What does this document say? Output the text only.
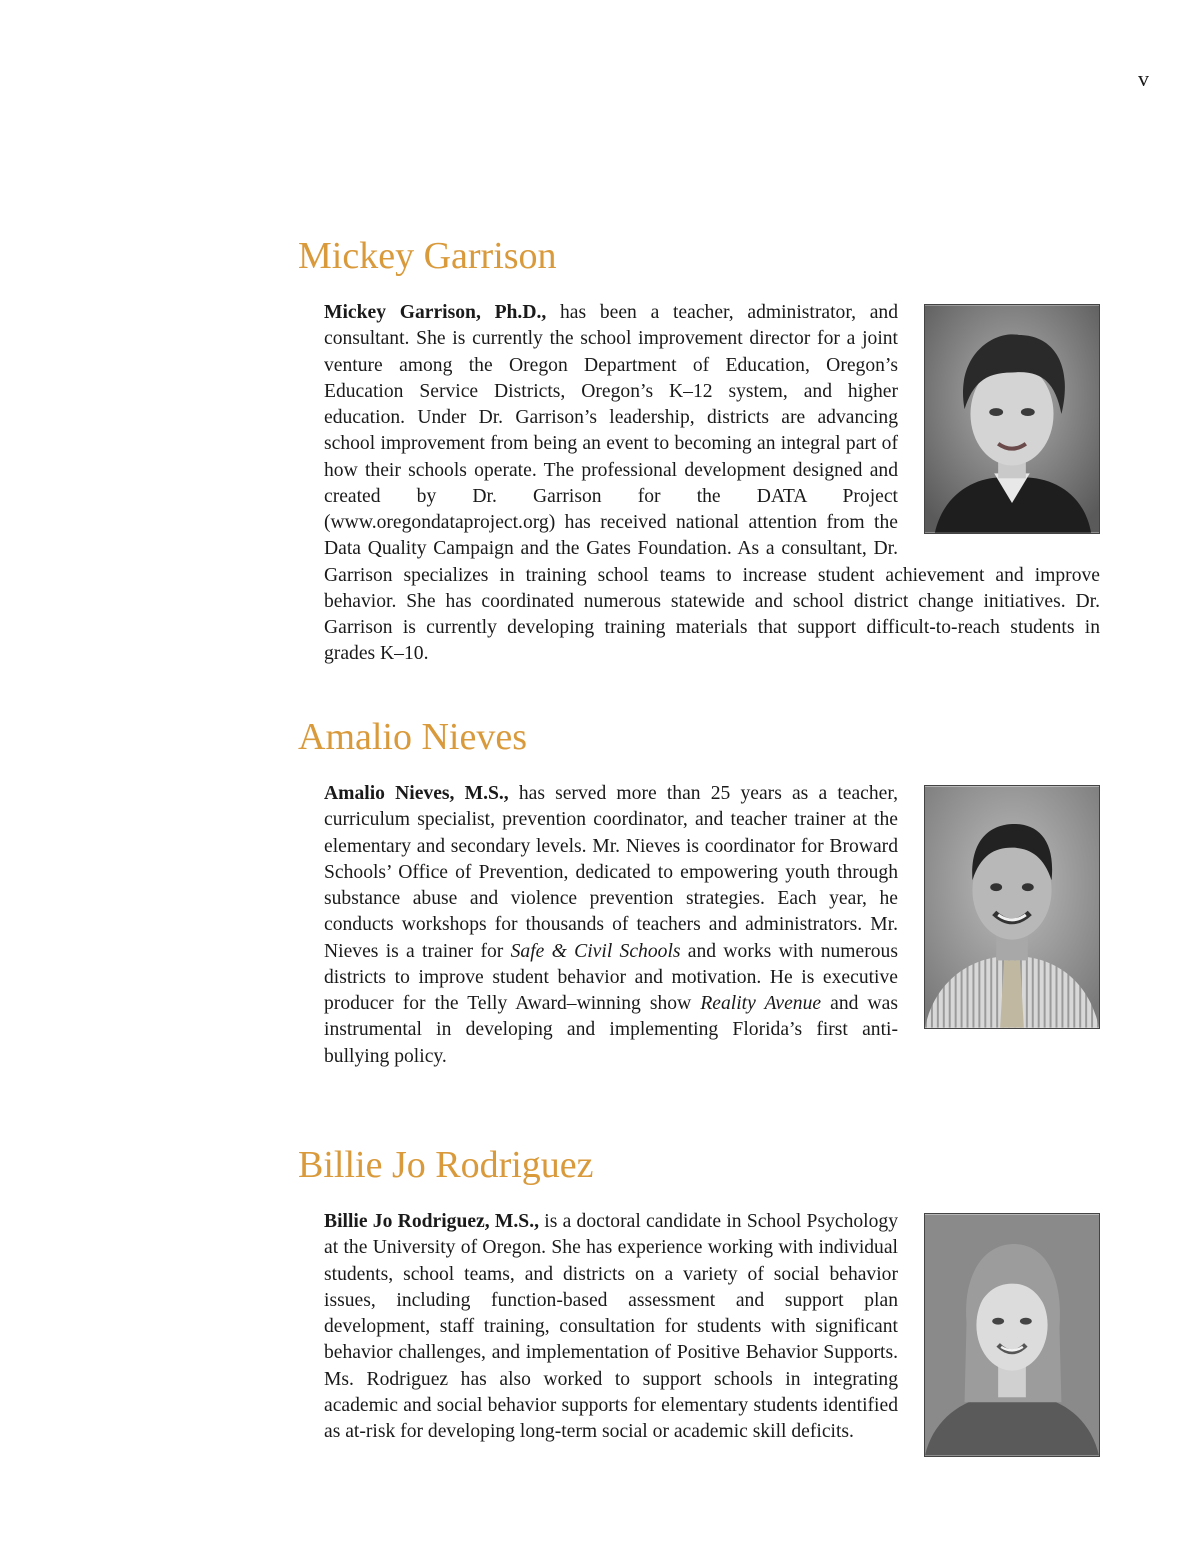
v
Mickey Garrison
Mickey Garrison, Ph.D., has been a teacher, administrator, and consultant. She is currently the school improvement director for a joint venture among the Oregon Department of Education, Oregon’s Education Service Districts, Oregon’s K–12 system, and higher education. Under Dr. Garrison’s leadership, districts are advancing school improvement from being an event to becoming an integral part of how their schools operate. The professional development designed and created by Dr. Garrison for the DATA Project (www.oregondataproject.org) has received national attention from the Data Quality Campaign and the Gates Foundation. As a consultant, Dr. Garrison specializes in training school teams to increase student achievement and improve behavior. She has coordinated numerous statewide and school district change initiatives. Dr. Garrison is currently developing training materials that support difficult-to-reach students in grades K–10.
Amalio Nieves
Amalio Nieves, M.S., has served more than 25 years as a teacher, curriculum specialist, prevention coordinator, and teacher trainer at the elementary and secondary levels. Mr. Nieves is coordinator for Broward Schools’ Office of Prevention, dedicated to empowering youth through substance abuse and violence prevention strategies. Each year, he conducts workshops for thousands of teachers and administrators. Mr. Nieves is a trainer for Safe & Civil Schools and works with numerous districts to improve student behavior and motivation. He is executive producer for the Telly Award–winning show Reality Avenue and was instrumental in developing and implementing Florida’s first anti-bullying policy.
Billie Jo Rodriguez
Billie Jo Rodriguez, M.S., is a doctoral candidate in School Psychology at the University of Oregon. She has experience working with individual students, school teams, and districts on a variety of social behavior issues, including function-based assessment and support plan development, staff training, consultation for students with significant behavior challenges, and implementation of Positive Behavior Supports. Ms. Rodriguez has also worked to support schools in integrating academic and social behavior supports for elementary students identified as at-risk for developing long-term social or academic skill deficits.
